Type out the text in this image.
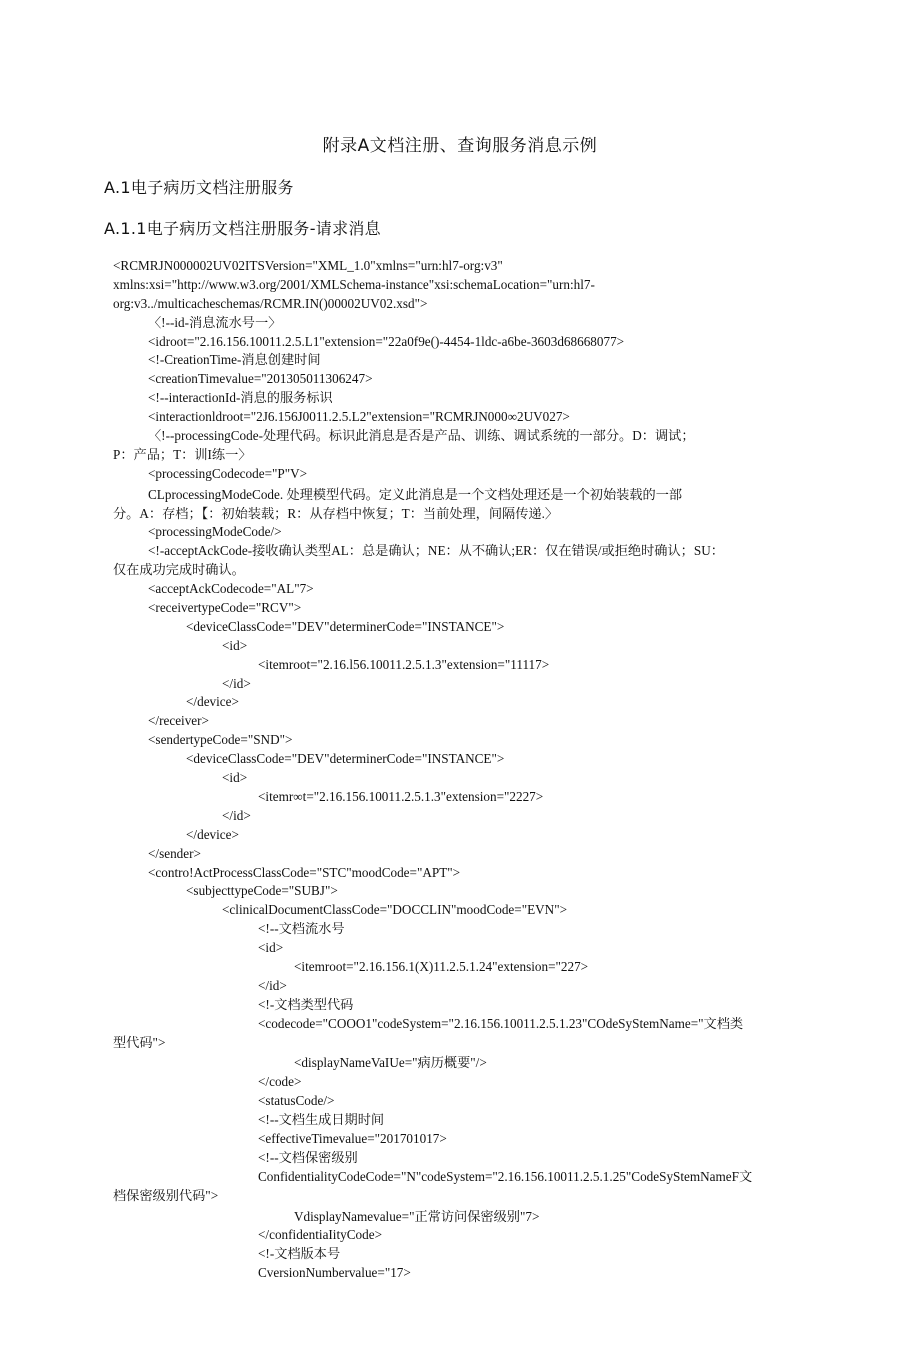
附录A文档注册、查询服务消息示例
A.1电子病历文档注册服务
A.1.1电子病历文档注册服务-请求消息
<RCMRJN000002UV02ITSVersion="XML_1.0"xmlns="urn:hl7-org:v3"
xmlns:xsi="http://www.w3.org/2001/XMLSchema-instance"xsi:schemaLocation="urn:hl7-
org:v3../multicacheschemas/RCMR.IN()00002UV02.xsd">
〈!--id-消息流水号一〉
<idroot="2.16.156.10011.2.5.L1"extension="22a0f9e()-4454-1ldc-a6be-3603d68668077>
<!-CreationTime-消息创建时间
<creationTimevalue="201305011306247>
<!--interactionId-消息的服务标识
<interactionldroot="2J6.156J0011.2.5.L2"extension="RCMRJN000∞2UV027>
〈!--processingCode-处理代码。标识此消息是否是产品、训练、调试系统的一部分。D：调试；
P：产品；T：训I练一〉
<processingCodecode="P"V>
CLprocessingModeCode. 处理模型代码。定义此消息是一个文档处理还是一个初始装载的一部
分。A：存档；【：初始装载；R：从存档中恢复；T：当前处理，间隔传递.〉
<processingModeCode/>
<!-acceptAckCode-接收确认类型AL：总是确认；NE：从不确认;ER：仅在错误/或拒绝时确认；SU：
仅在成功完成时确认。
<acceptAckCodecode="AL"7>
<receivertypeCode="RCV">
<deviceClassCode="DEV"determinerCode="INSTANCE">
<id>
<itemroot="2.16.l56.10011.2.5.1.3"extension="11117>
</id>
</device>
</receiver>
<sendertypeCode="SND">
<deviceClassCode="DEV"determinerCode="INSTANCE">
<id>
<itemr∞t="2.16.156.10011.2.5.1.3"extension="2227>
</id>
</device>
</sender>
<contro!ActProcessClassCode="STC"moodCode="APT">
<subjecttypeCode="SUBJ">
<clinicalDocumentClassCode="DOCCLIN"moodCode="EVN">
<!--文档流水号
<id>
<itemroot="2.16.156.1(X)11.2.5.1.24"extension="227>
</id>
<!-文档类型代码
<codecode="COOO1"codeSystem="2.16.156.10011.2.5.1.23"COdeSyStemName="文档类
型代码">
<displayNameVaIUe="病历概要"/>
</code>
<statusCode/>
<!--文档生成日期时间
<effectiveTimevalue="201701017>
<!--文档保密级别
ConfidentialityCodeCode="N"codeSystem="2.16.156.10011.2.5.1.25"CodeSyStemNameF文
档保密级别代码">
VdisplayNamevalue="正常访问保密级别"7>
</confidentiaIityCode>
<!-文档版本号
CversionNumbervalue="17>
